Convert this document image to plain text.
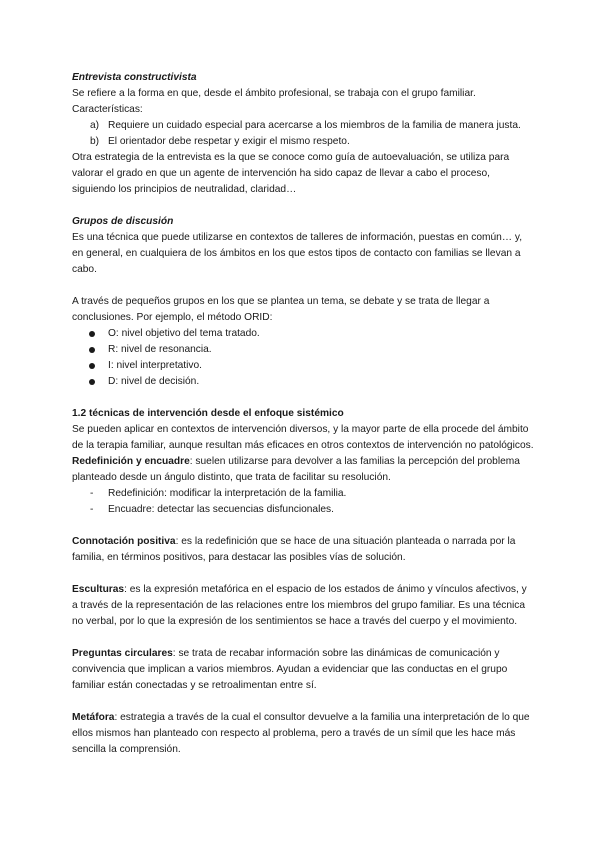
Entrevista constructivista

Se refiere a la forma en que, desde el ámbito profesional, se trabaja con el grupo familiar.

Características:

a) Requiere un cuidado especial para acercarse a los miembros de la familia de manera justa.
b) El orientador debe respetar y exigir el mismo respeto.

Otra estrategia de la entrevista es la que se conoce como guía de autoevaluación, se utiliza para valorar el grado en que un agente de intervención ha sido capaz de llevar a cabo el proceso, siguiendo los principios de neutralidad, claridad…

Grupos de discusión

Es una técnica que puede utilizarse en contextos de talleres de información, puestas en común… y, en general, en cualquiera de los ámbitos en los que estos tipos de contacto con familias se llevan a cabo.

A través de pequeños grupos en los que se plantea un tema, se debate y se trata de llegar a conclusiones. Por ejemplo, el método ORID:

O: nivel objetivo del tema tratado.
R: nivel de resonancia.
I: nivel interpretativo.
D: nivel de decisión.

1.2 técnicas de intervención desde el enfoque sistémico

Se pueden aplicar en contextos de intervención diversos, y la mayor parte de ella procede del ámbito de la terapia familiar, aunque resultan más eficaces en otros contextos de intervención no patológicos.

Redefinición y encuadre: suelen utilizarse para devolver a las familias la percepción del problema planteado desde un ángulo distinto, que trata de facilitar su resolución.

- Redefinición: modificar la interpretación de la familia.
- Encuadre: detectar las secuencias disfuncionales.

Connotación positiva: es la redefinición que se hace de una situación planteada o narrada por la familia, en términos positivos, para destacar las posibles vías de solución.

Esculturas: es la expresión metafórica en el espacio de los estados de ánimo y vínculos afectivos, y a través de la representación de las relaciones entre los miembros del grupo familiar. Es una técnica no verbal, por lo que la expresión de los sentimientos se hace a través del cuerpo y el movimiento.

Preguntas circulares: se trata de recabar información sobre las dinámicas de comunicación y convivencia que implican a varios miembros. Ayudan a evidenciar que las conductas en el grupo familiar están conectadas y se retroalimentan entre sí.

Metáfora: estrategia a través de la cual el consultor devuelve a la familia una interpretación de lo que ellos mismos han planteado con respecto al problema, pero a través de un símil que les hace más sencilla la comprensión.
